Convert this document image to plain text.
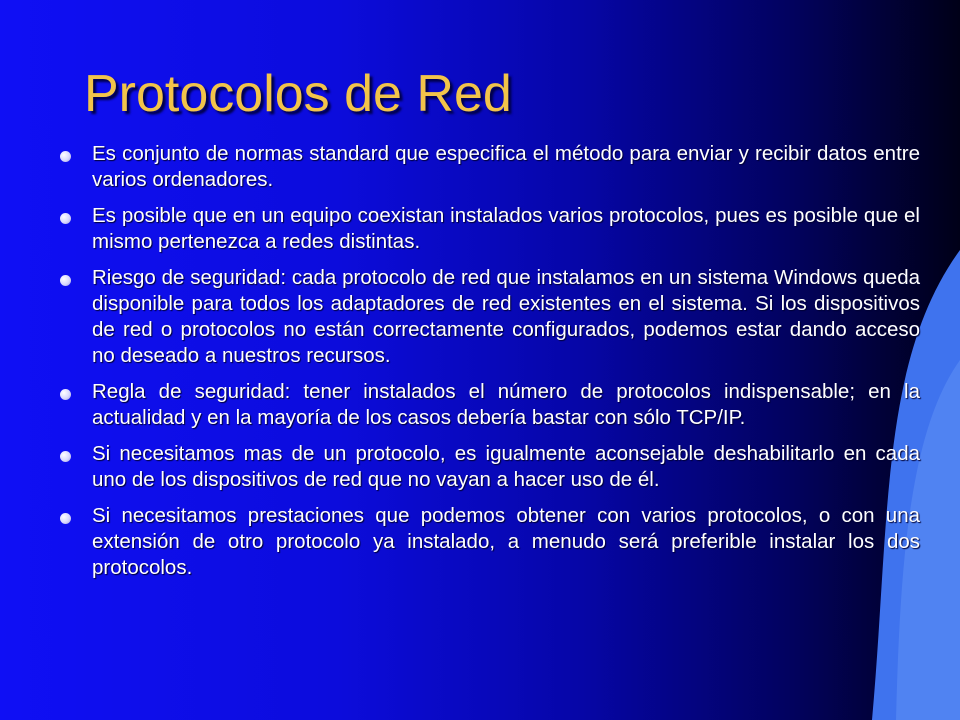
Protocolos de Red
Es conjunto de normas standard que especifica el método para enviar y recibir datos entre varios ordenadores.
Es posible que en un equipo coexistan instalados varios protocolos, pues es posible que el mismo pertenezca a redes distintas.
Riesgo de seguridad: cada protocolo de red que instalamos en un sistema Windows queda disponible para todos los adaptadores de red existentes en el sistema. Si los dispositivos de red o protocolos no están correctamente configurados, podemos estar dando acceso no deseado a nuestros recursos.
Regla de seguridad: tener instalados el número de protocolos indispensable; en la actualidad y en la mayoría de los casos debería bastar con sólo TCP/IP.
Si necesitamos mas de un protocolo, es igualmente aconsejable deshabilitarlo en cada uno de los dispositivos de red que no vayan a hacer uso de él.
Si necesitamos prestaciones que podemos obtener con varios protocolos, o con una extensión de otro protocolo ya instalado, a menudo será preferible instalar los dos protocolos.
